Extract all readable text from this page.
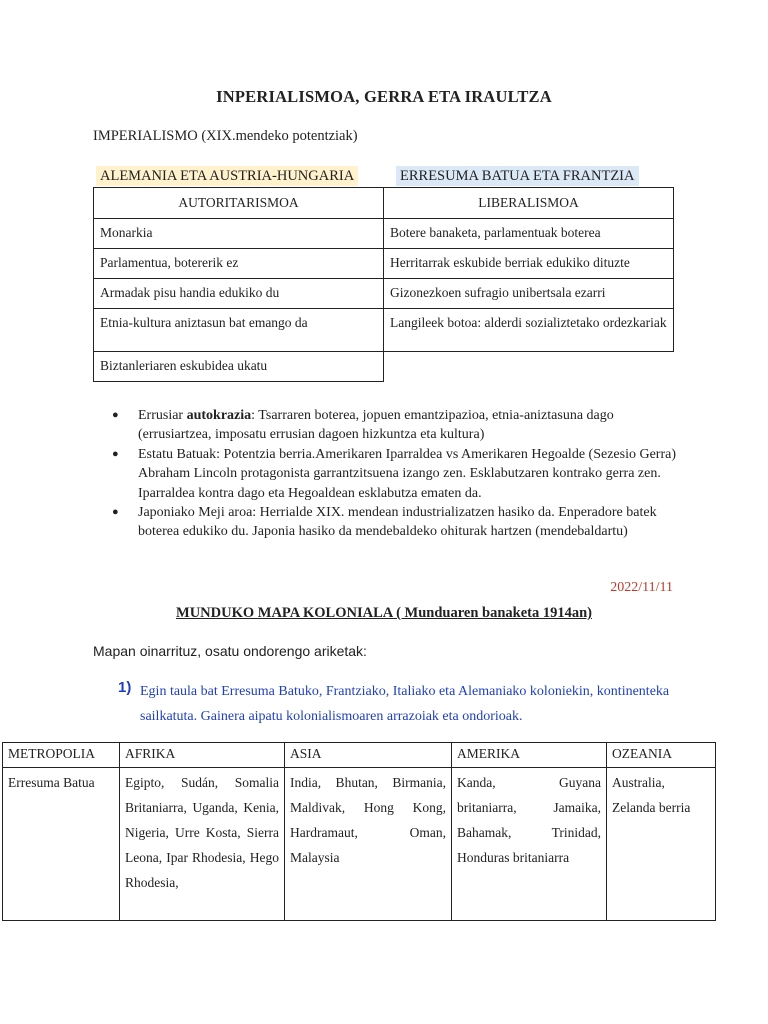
INPERIALISMOA, GERRA ETA IRAULTZA
IMPERIALISMO (XIX.mendeko potentziak)
ALEMANIA ETA AUSTRIA-HUNGARIA	ERRESUMA BATUA ETA FRANTZIA
AUTORITARISMOA	LIBERALISMOA
Monarkia	Botere banaketa, parlamentuak boterea
Parlamentua, botererik ez	Herritarrak eskubide berriak edukiko dituzte
Armadak pisu handia edukiko du	Gizonezkoen sufragio unibertsala ezarri
Etnia-kultura aniztasun bat emango da	Langileek botoa: alderdi sozializtetako ordezkariak
Biztanleriaren eskubidea ukatu	
● Errusiar autokrazia: Tsarraren boterea, jopuen emantzipazioa, etnia-aniztasuna dago (errusiartzea, imposatu errusian dagoen hizkuntza eta kultura)
● Estatu Batuak: Potentzia berria.Amerikaren Iparraldea vs Amerikaren Hegoalde (Sezesio Gerra) Abraham Lincoln protagonista garrantzitsuena izango zen. Esklabutzaren kontrako gerra zen. Iparraldea kontra dago eta Hegoaldean esklabutza ematen da.
● Japoniako Meji aroa: Herrialde XIX. mendean industrializatzen hasiko da. Enperadore batek boterea edukiko du. Japonia hasiko da mendebaldeko ohiturak hartzen (mendebaldartu)
2022/11/11
MUNDUKO MAPA KOLONIALA ( Munduaren banaketa 1914an)
Mapan oinarrituz, osatu ondorengo ariketak:
1) Egin taula bat Erresuma Batuko, Frantziako, Italiako eta Alemaniako koloniekin, kontinenteka sailkatuta. Gainera aipatu kolonialismoaren arrazoiak eta ondorioak.
METROPOLIA	AFRIKA	ASIA	AMERIKA	OZEANIA
Erresuma Batua	Egipto, Sudán, Somalia Britaniarra, Uganda, Kenia, Nigeria, Urre Kosta, Sierra Leona, Ipar Rhodesia, Hego Rhodesia,	India, Bhutan, Birmania, Maldivak, Hong Kong, Hardramaut, Oman, Malaysia	Kanda, Guyana britaniarra, Jamaika, Bahamak, Trinidad, Honduras britaniarra	Australia, Zelanda berria
